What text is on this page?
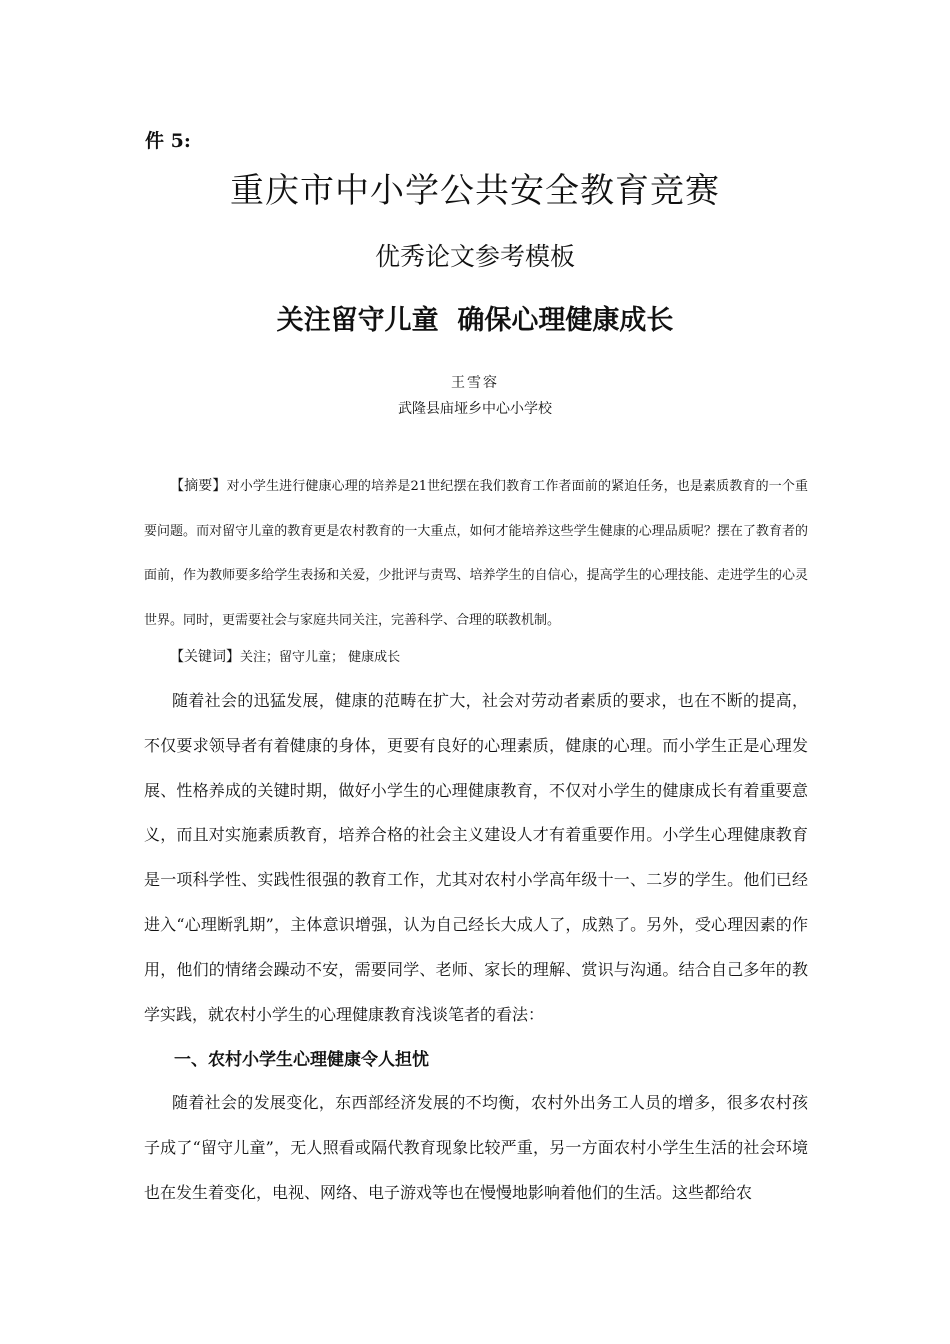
件 5:
重庆市中小学公共安全教育竞赛
优秀论文参考模板
关注留守儿童  确保心理健康成长
王雪容
武隆县庙垭乡中心小学校
【摘要】对小学生进行健康心理的培养是21世纪摆在我们教育工作者面前的紧迫任务，也是素质教育的一个重要问题。而对留守儿童的教育更是农村教育的一大重点，如何才能培养这些学生健康的心理品质呢？摆在了教育者的面前，作为教师要多给学生表扬和关爱，少批评与责骂、培养学生的自信心，提高学生的心理技能、走进学生的心灵世界。同时，更需要社会与家庭共同关注，完善科学、合理的联教机制。
【关键词】关注；留守儿童； 健康成长
随着社会的迅猛发展，健康的范畴在扩大，社会对劳动者素质的要求，也在不断的提高，不仅要求领导者有着健康的身体，更要有良好的心理素质，健康的心理。而小学生正是心理发展、性格养成的关键时期，做好小学生的心理健康教育，不仅对小学生的健康成长有着重要意义，而且对实施素质教育，培养合格的社会主义建设人才有着重要作用。小学生心理健康教育是一项科学性、实践性很强的教育工作，尤其对农村小学高年级十一、二岁的学生。他们已经进入“心理断乳期”，主体意识增强，认为自己经长大成人了，成熟了。另外，受心理因素的作用，他们的情绪会躁动不安，需要同学、老师、家长的理解、赏识与沟通。结合自己多年的教学实践，就农村小学生的心理健康教育浅谈笔者的看法：
一、农村小学生心理健康令人担忧
随着社会的发展变化，东西部经济发展的不均衡，农村外出务工人员的增多，很多农村孩子成了“留守儿童”，无人照看或隔代教育现象比较严重，另一方面农村小学生生活的社会环境也在发生着变化，电视、网络、电子游戏等也在慢慢地影响着他们的生活。这些都给农
